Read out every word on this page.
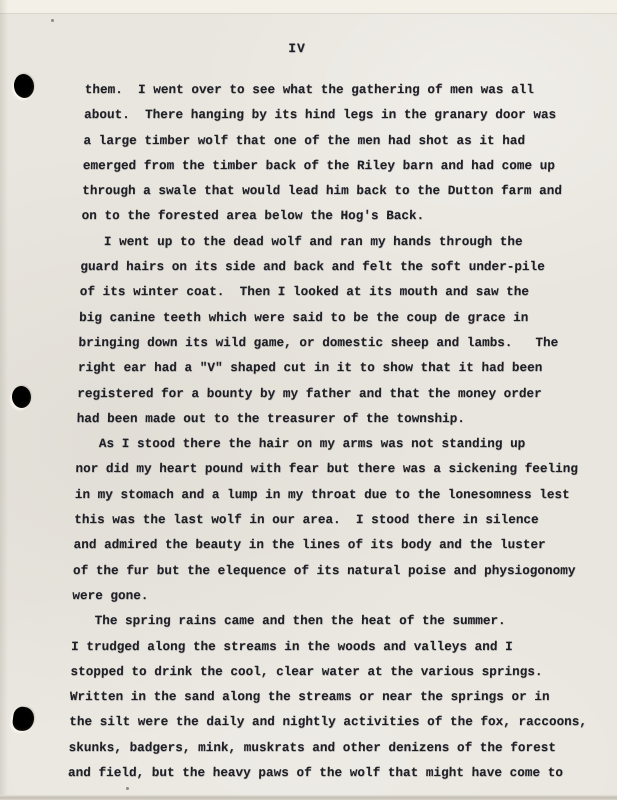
IV
them.  I went over to see what the gathering of men was all
about.  There hanging by its hind legs in the granary door was
a large timber wolf that one of the men had shot as it had
emerged from the timber back of the Riley barn and had come up
through a swale that would lead him back to the Dutton farm and
on to the forested area below the Hog's Back.
I went up to the dead wolf and ran my hands through the
guard hairs on its side and back and felt the soft under-pile
of its winter coat.  Then I looked at its mouth and saw the
big canine teeth which were said to be the coup de grace in
bringing down its wild game, or domestic sheep and lambs.   The
right ear had a "V" shaped cut in it to show that it had been
registered for a bounty by my father and that the money order
had been made out to the treasurer of the township.
As I stood there the hair on my arms was not standing up
nor did my heart pound with fear but there was a sickening feeling
in my stomach and a lump in my throat due to the lonesomness lest
this was the last wolf in our area.  I stood there in silence
and admired the beauty in the lines of its body and the luster
of the fur but the elequence of its natural poise and physiogonomy
were gone.
The spring rains came and then the heat of the summer.
I trudged along the streams in the woods and valleys and I
stopped to drink the cool, clear water at the various springs.
Written in the sand along the streams or near the springs or in
the silt were the daily and nightly activities of the fox, raccoons,
skunks, badgers, mink, muskrats and other denizens of the forest
and field, but the heavy paws of the wolf that might have come to
